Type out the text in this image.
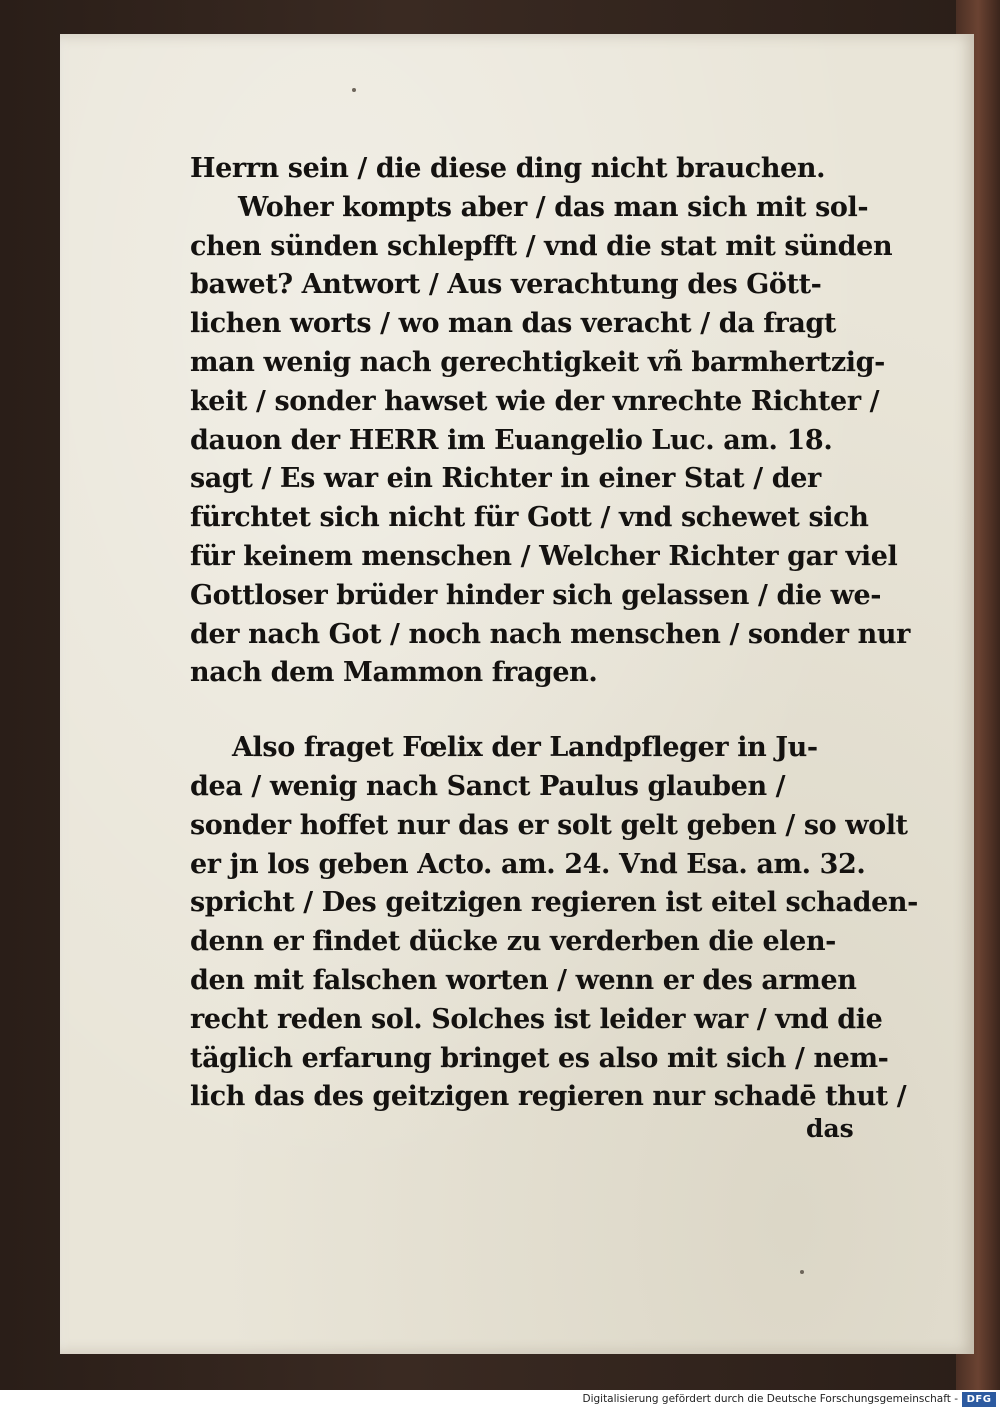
Herrn sein / die diese ding nicht brauchen.
Woher kompts aber / das man sich mit sol-
chen sünden schlepfft / vnd die stat mit sünden
bawet? Antwort / Aus verachtung des Gött-
lichen worts / wo man das veracht / da fragt
man wenig nach gerechtigkeit vñ barmhertzig-
keit / sonder hawset wie der vnrechte Richter /
dauon der HERR im Euangelio Luc. am. 18.
sagt / Es war ein Richter in einer Stat / der
fürchtet sich nicht für Gott / vnd schewet sich
für keinem menschen / Welcher Richter gar viel
Gottloser brüder hinder sich gelassen / die we-
der nach Got / noch nach menschen / sonder nur
nach dem Mammon fragen.
Also fraget Fœlix der Landpfleger in Ju-
dea / wenig nach Sanct Paulus glauben /
sonder hoffet nur das er solt gelt geben / so wolt
er jn los geben Acto. am. 24. Vnd Esa. am. 32.
spricht / Des geitzigen regieren ist eitel schaden-
denn er findet dücke zu verderben die elen-
den mit falschen worten / wenn er des armen
recht reden sol. Solches ist leider war / vnd die
täglich erfarung bringet es also mit sich / nem-
lich das des geitzigen regieren nur schadē thut /
das
Digitalisierung gefördert durch die Deutsche Forschungsgemeinschaft - DFG
